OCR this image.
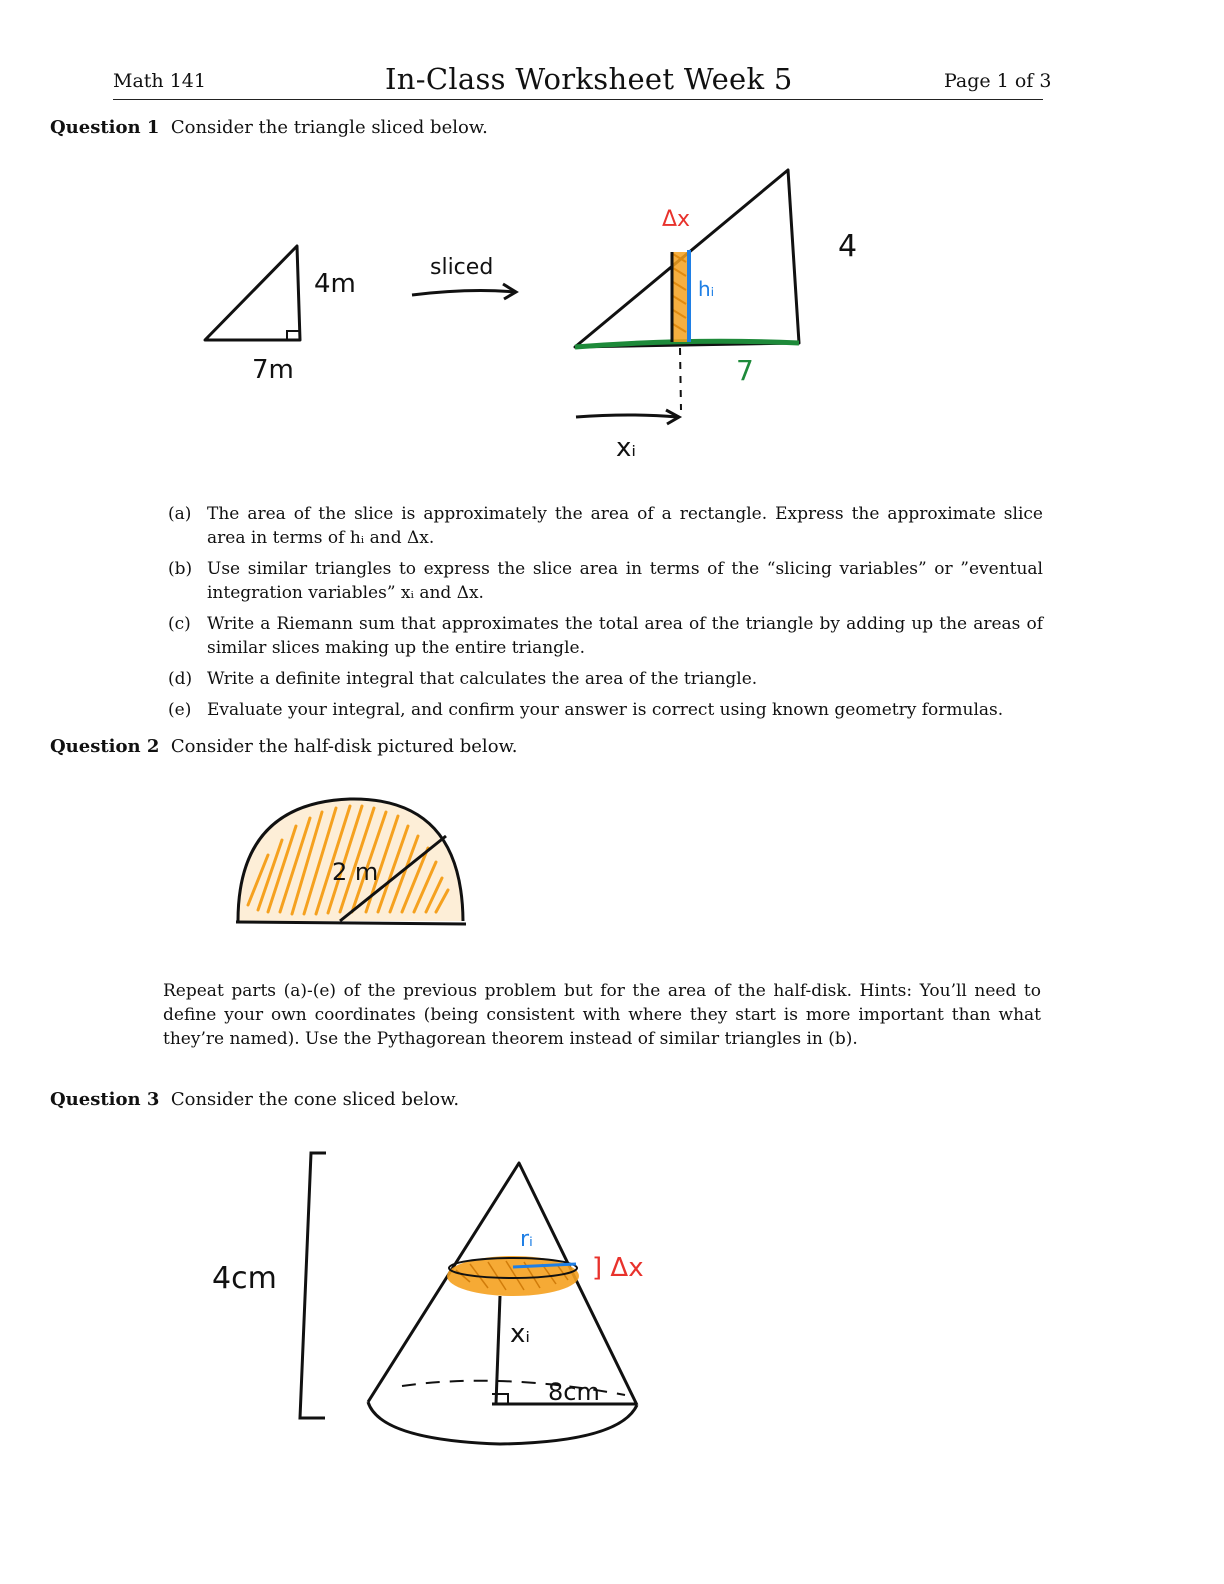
Math 141	In-Class Worksheet Week 5	Page 1 of 3
Question 1 Consider the triangle sliced below.
4m
7m
sliced
Δx
hᵢ
4
7
xᵢ
(a) The area of the slice is approximately the area of a rectangle. Express the approximate slice area in terms of hᵢ and Δx.
(b) Use similar triangles to express the slice area in terms of the “slicing variables” or ”eventual integration variables” xᵢ and Δx.
(c) Write a Riemann sum that approximates the total area of the triangle by adding up the areas of similar slices making up the entire triangle.
(d) Write a definite integral that calculates the area of the triangle.
(e) Evaluate your integral, and confirm your answer is correct using known geometry formulas.
Question 2 Consider the half-disk pictured below.
2 m
Repeat parts (a)-(e) of the previous problem but for the area of the half-disk. Hints: You’ll need to define your own coordinates (being consistent with where they start is more important than what they’re named). Use the Pythagorean theorem instead of similar triangles in (b).
Question 3 Consider the cone sliced below.
4cm
8cm
rᵢ
] Δx
xᵢ
